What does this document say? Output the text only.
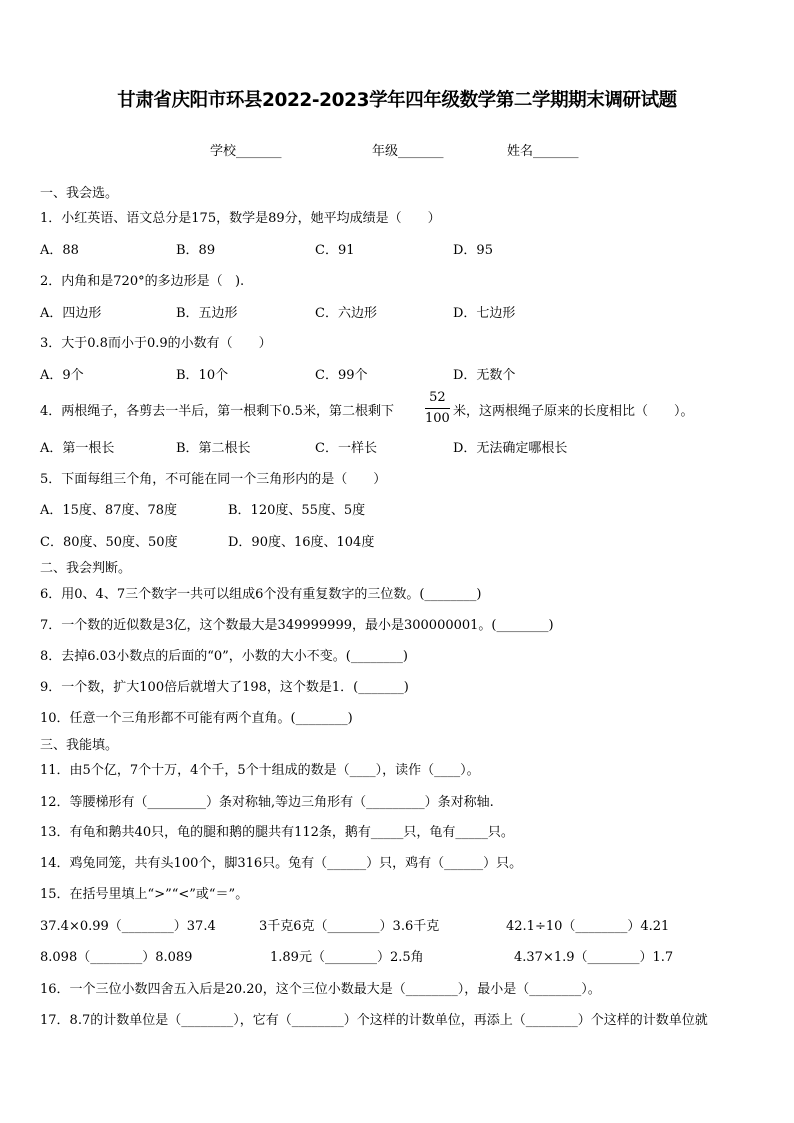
甘肃省庆阳市环县2022-2023学年四年级数学第二学期期末调研试题
学校_______	年级_______	姓名_______
一、我会选。
1．小红英语、语文总分是175，数学是89分，她平均成绩是（　　）
A．88	B．89	C．91	D．95
2．内角和是720°的多边形是（   ).
A．四边形	B．五边形	C．六边形	D．七边形
3．大于0.8而小于0.9的小数有（　　）
A．9个	B．10个	C．99个	D．无数个
4．两根绳子，各剪去一半后，第一根剩下0.5米，第二根剩下
52
100 米，这两根绳子原来的长度相比（　　）。
A．第一根长	B．第二根长	C．一样长	D．无法确定哪根长
5．下面每组三个角，不可能在同一个三角形内的是（　　）
A．15度、87度、78度	B．120度、55度、5度
C．80度、50度、50度	D．90度、16度、104度
二、我会判断。
6．用0、4、7三个数字一共可以组成6个没有重复数字的三位数。(________)
7．一个数的近似数是3亿，这个数最大是349999999，最小是300000001。(________)
8．去掉6.03小数点的后面的“0”，小数的大小不变。(________)
9．一个数，扩大100倍后就增大了198，这个数是1．(_______)
10．任意一个三角形都不可能有两个直角。(________)
三、我能填。
11．由5个亿，7个十万，4个千，5个十组成的数是（____），读作（____）。
12．等腰梯形有（_________）条对称轴,等边三角形有（_________）条对称轴.
13．有龟和鹅共40只，龟的腿和鹅的腿共有112条，鹅有_____只，龟有_____只。
14．鸡兔同笼，共有头100个，脚316只。兔有（______）只，鸡有（______）只。
15．在括号里填上“>”“<”或“＝”。
37.4×0.99（________）37.4	3千克6克（________）3.6千克	42.1÷10（________）4.21
8.098（________）8.089	1.89元（________）2.5角	4.37×1.9（________）1.7
16．一个三位小数四舍五入后是20.20，这个三位小数最大是（________），最小是（________）。
17．8.7的计数单位是（________），它有（________）个这样的计数单位，再添上（________）个这样的计数单位就
